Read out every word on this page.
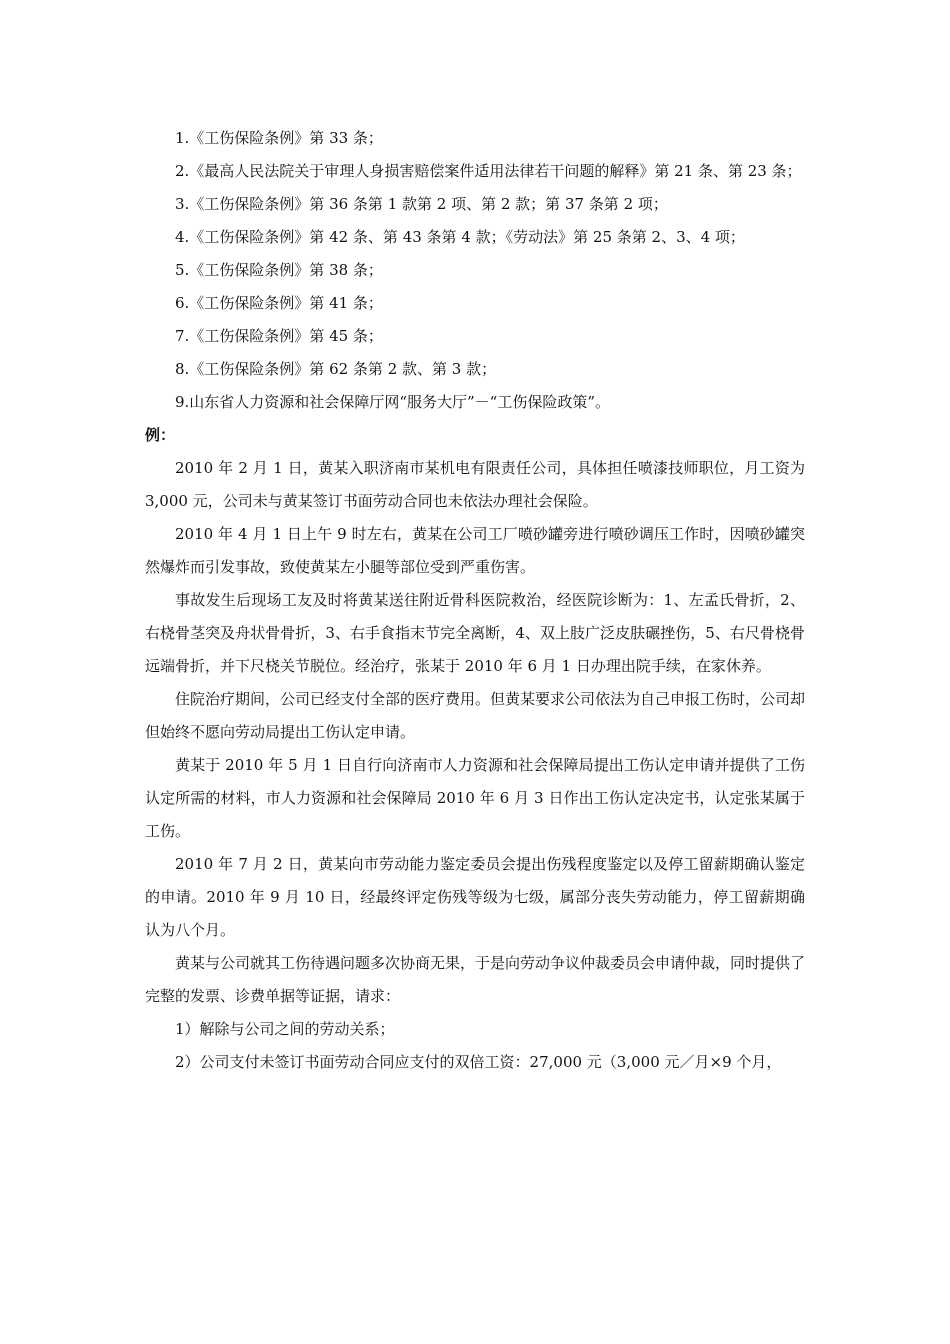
1.《工伤保险条例》第 33 条；

2.《最高人民法院关于审理人身损害赔偿案件适用法律若干问题的解释》第 21 条、第 23 条；

3.《工伤保险条例》第 36 条第 1 款第 2 项、第 2 款；第 37 条第 2 项；

4.《工伤保险条例》第 42 条、第 43 条第 4 款；《劳动法》第 25 条第 2、3、4 项；

5.《工伤保险条例》第 38 条；

6.《工伤保险条例》第 41 条；

7.《工伤保险条例》第 45 条；

8.《工伤保险条例》第 62 条第 2 款、第 3 款；

9.山东省人力资源和社会保障厅网“服务大厅”－“工伤保险政策”。

例：

2010 年 2 月 1 日，黄某入职济南市某机电有限责任公司，具体担任喷漆技师职位，月工资为 3,000 元，公司未与黄某签订书面劳动合同也未依法办理社会保险。

2010 年 4 月 1 日上午 9 时左右，黄某在公司工厂喷砂罐旁进行喷砂调压工作时，因喷砂罐突然爆炸而引发事故，致使黄某左小腿等部位受到严重伤害。

事故发生后现场工友及时将黄某送往附近骨科医院救治，经医院诊断为：1、左孟氏骨折，2、右桡骨茎突及舟状骨骨折，3、右手食指末节完全离断，4、双上肢广泛皮肤碾挫伤，5、右尺骨桡骨远端骨折，并下尺桡关节脱位。经治疗，张某于 2010 年 6 月 1 日办理出院手续，在家休养。

住院治疗期间，公司已经支付全部的医疗费用。但黄某要求公司依法为自己申报工伤时，公司却但始终不愿向劳动局提出工伤认定申请。

黄某于 2010 年 5 月 1 日自行向济南市人力资源和社会保障局提出工伤认定申请并提供了工伤认定所需的材料，市人力资源和社会保障局 2010 年 6 月 3 日作出工伤认定决定书，认定张某属于工伤。

2010 年 7 月 2 日，黄某向市劳动能力鉴定委员会提出伤残程度鉴定以及停工留薪期确认鉴定的申请。2010 年 9 月 10 日，经最终评定伤残等级为七级，属部分丧失劳动能力，停工留薪期确认为八个月。

黄某与公司就其工伤待遇问题多次协商无果，于是向劳动争议仲裁委员会申请仲裁，同时提供了完整的发票、诊费单据等证据，请求：

1）解除与公司之间的劳动关系；

2）公司支付未签订书面劳动合同应支付的双倍工资：27,000 元（3,000 元／月×9 个月，
